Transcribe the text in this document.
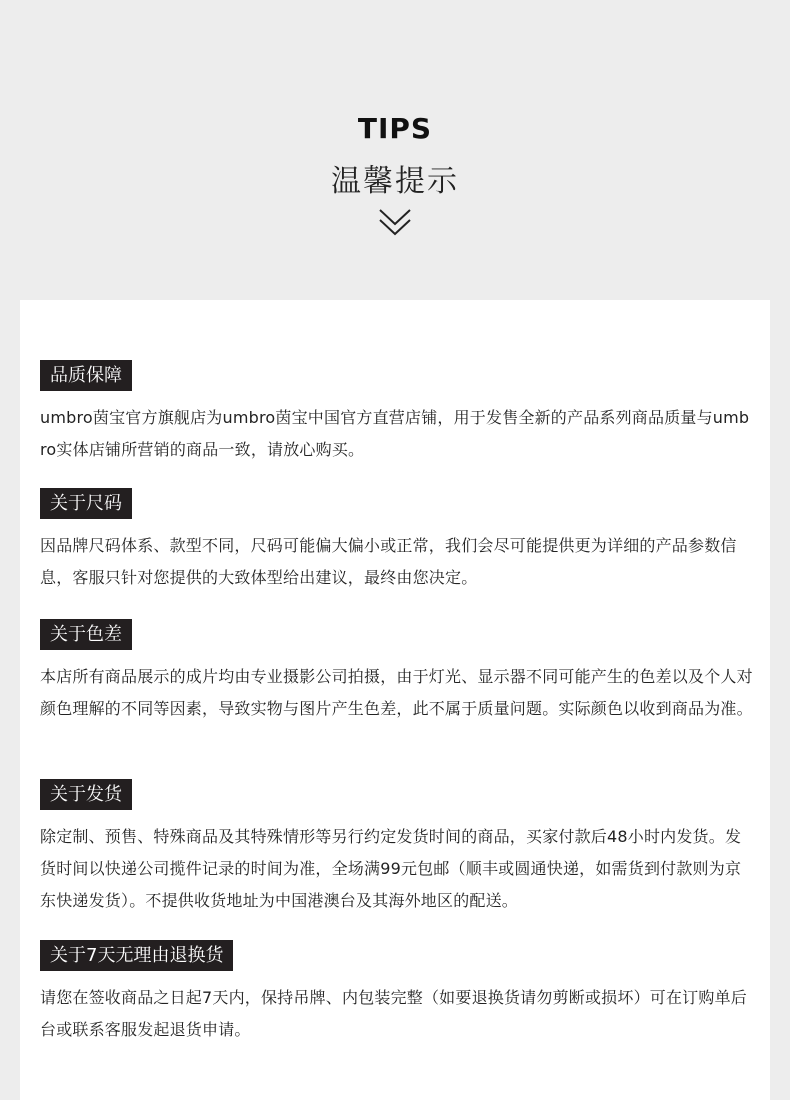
TIPS
温馨提示
品质保障
umbro茵宝官方旗舰店为umbro茵宝中国官方直营店铺，用于发售全新的产品系列商品质量与umbro实体店铺所营销的商品一致，请放心购买。
关于尺码
因品牌尺码体系、款型不同，尺码可能偏大偏小或正常，我们会尽可能提供更为详细的产品参数信息，客服只针对您提供的大致体型给出建议，最终由您决定。
关于色差
本店所有商品展示的成片均由专业摄影公司拍摄，由于灯光、显示器不同可能产生的色差以及个人对颜色理解的不同等因素，导致实物与图片产生色差，此不属于质量问题。实际颜色以收到商品为准。
关于发货
除定制、预售、特殊商品及其特殊情形等另行约定发货时间的商品，买家付款后48小时内发货。发货时间以快递公司揽件记录的时间为准，全场满99元包邮（顺丰或圆通快递，如需货到付款则为京东快递发货）。不提供收货地址为中国港澳台及其海外地区的配送。
关于7天无理由退换货
请您在签收商品之日起7天内，保持吊牌、内包装完整（如要退换货请勿剪断或损坏）可在订购单后台或联系客服发起退货申请。
